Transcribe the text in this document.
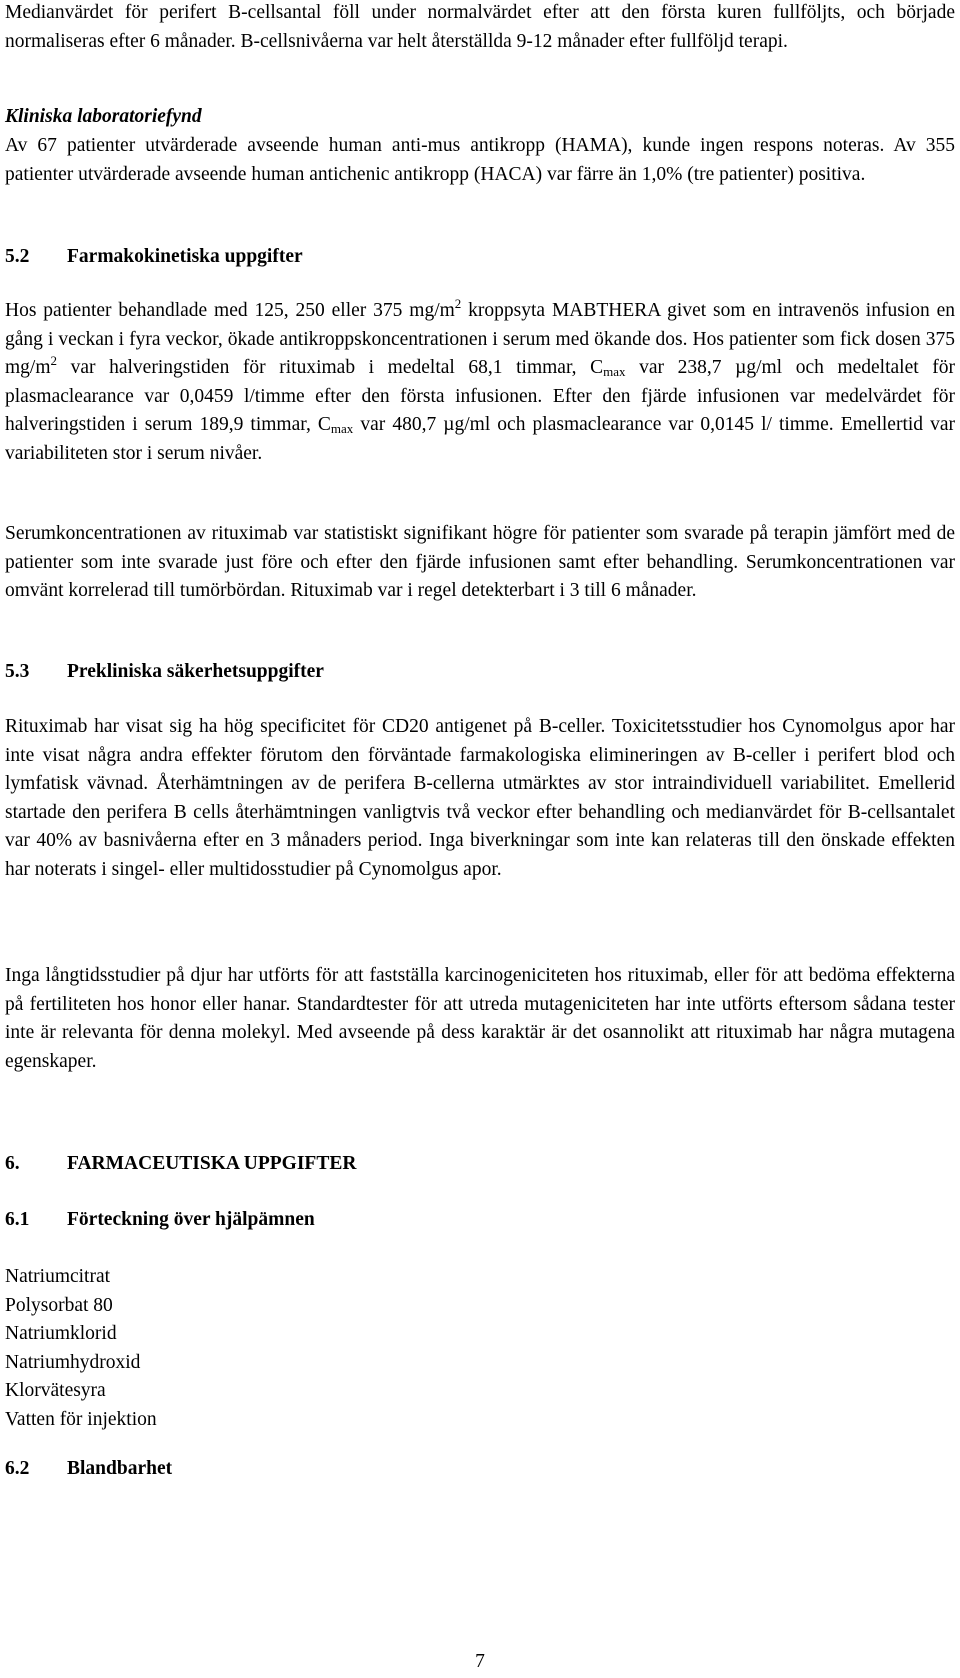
Medianvärdet för perifert B-cellsantal föll under normalvärdet efter att den första kuren fullföljts, och började normaliseras efter 6 månader. B-cellsnivåerna var helt återställda 9-12 månader efter fullföljd terapi.

Kliniska laboratoriefynd

Av 67 patienter utvärderade avseende human anti-mus antikropp (HAMA), kunde ingen respons noteras. Av 355 patienter utvärderade avseende human antichenic antikropp (HACA) var färre än 1,0% (tre patienter) positiva.

5.2 Farmakokinetiska uppgifter

Hos patienter behandlade med 125, 250 eller 375 $mg/m^2$ kroppsyta MABTHERA givet som en intravenös infusion en gång i veckan i fyra veckor, ökade antikroppskoncentrationen i serum med ökande dos. Hos patienter som fick dosen 375 $mg/m^2$ var halveringstiden för rituximab i medeltal 68,1 timmar, $C_{max}$ var 238,7 µg/ml och medeltalet för plasmaclearance var 0,0459 l/timme efter den första infusionen. Efter den fjärde infusionen var medelvärdet för halveringstiden i serum 189,9 timmar, $C_{max}$ var 480,7 µg/ml och plasmaclearance var 0,0145 l/ timme. Emellertid var variabiliteten stor i serum nivåer.

Serumkoncentrationen av rituximab var statistiskt signifikant högre för patienter som svarade på terapin jämfört med de patienter som inte svarade just före och efter den fjärde infusionen samt efter behandling. Serumkoncentrationen var omvänt korrelerad till tumörbördan. Rituximab var i regel detekterbart i 3 till 6 månader.

5.3 Prekliniska säkerhetsuppgifter

Rituximab har visat sig ha hög specificitet för CD20 antigenet på B-celler. Toxicitetsstudier hos Cynomolgus apor har inte visat några andra effekter förutom den förväntade farmakologiska elimineringen av B-celler i perifert blod och lymfatisk vävnad. Återhämtningen av de perifera B-cellerna utmärktes av stor intraindividuell variabilitet. Emellerid startade den perifera B cells återhämtningen vanligtvis två veckor efter behandling och medianvärdet för B-cellsantalet var 40% av basnivåerna efter en 3 månaders period. Inga biverkningar som inte kan relateras till den önskade effekten har noterats i singel- eller multidosstudier på Cynomolgus apor.

Inga långtidsstudier på djur har utförts för att fastställa karcinogeniciteten hos rituximab, eller för att bedöma effekterna på fertiliteten hos honor eller hanar. Standardtester för att utreda mutageniciteten har inte utförts eftersom sådana tester inte är relevanta för denna molekyl. Med avseende på dess karaktär är det osannolikt att rituximab har några mutagena egenskaper.

6. FARMACEUTISKA UPPGIFTER

6.1 Förteckning över hjälpämnen

Natriumcitrat
Polysorbat 80
Natriumklorid
Natriumhydroxid
Klorvätesyra
Vatten för injektion

6.2 Blandbarhet

7
